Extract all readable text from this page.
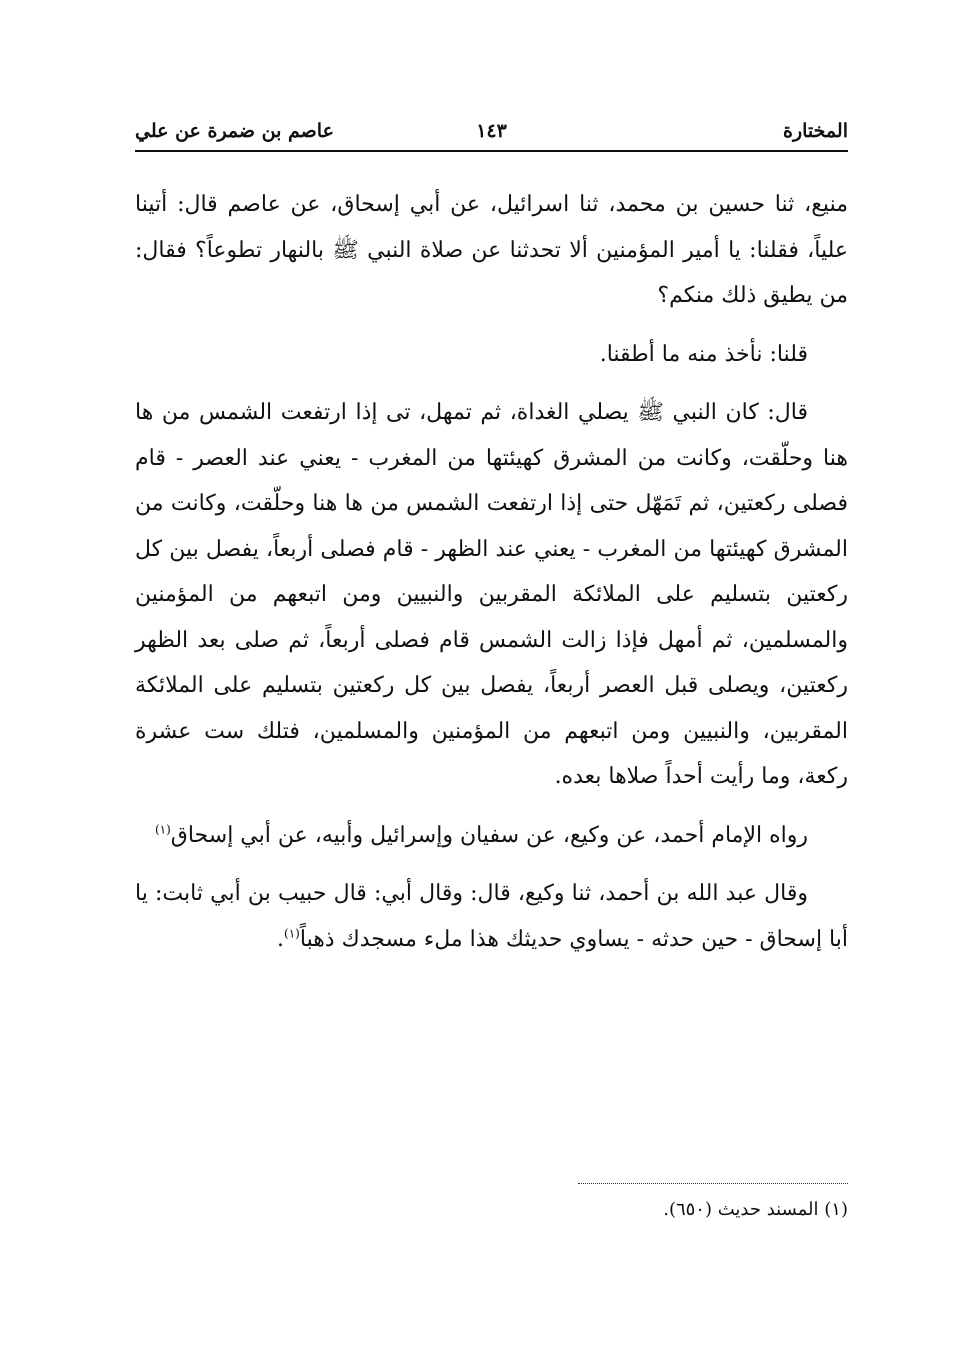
المختارة
١٤٣
عاصم بن ضمرة عن علي

منيع، ثنا حسين بن محمد، ثنا اسرائيل، عن أبي إسحاق، عن عاصم قال: أتينا علياً، فقلنا: يا أمير المؤمنين ألا تحدثنا عن صلاة النبي ﷺ بالنهار تطوعاً؟ فقال: من يطيق ذلك منكم؟

قلنا: نأخذ منه ما أطقنا.

قال: كان النبي ﷺ يصلي الغداة، ثم تمهل، تى إذا ارتفعت الشمس من ها هنا وحلّقت، وكانت من المشرق كهيئتها من المغرب - يعني عند العصر - قام فصلى ركعتين، ثم تَمَهّل حتى إذا ارتفعت الشمس من ها هنا وحلّقت، وكانت من المشرق كهيئتها من المغرب - يعني عند الظهر - قام فصلى أربعاً، يفصل بين كل ركعتين بتسليم على الملائكة المقربين والنبيين ومن اتبعهم من المؤمنين والمسلمين، ثم أمهل فإذا زالت الشمس قام فصلى أربعاً، ثم صلى بعد الظهر ركعتين، ويصلى قبل العصر أربعاً، يفصل بين كل ركعتين بتسليم على الملائكة المقربين، والنبيين ومن اتبعهم من المؤمنين والمسلمين، فتلك ست عشرة ركعة، وما رأيت أحداً صلاها بعده.

رواه الإمام أحمد، عن وكيع، عن سفيان وإسرائيل وأبيه، عن أبي إسحاق$^{(١)}$

وقال عبد الله بن أحمد، ثنا وكيع، قال: وقال أبي: قال حبيب بن أبي ثابت: يا أبا إسحاق - حين حدثه - يساوي حديثك هذا ملء مسجدك ذهباً$^{(١)}$.

(١) المسند حديث (٦٥٠).
